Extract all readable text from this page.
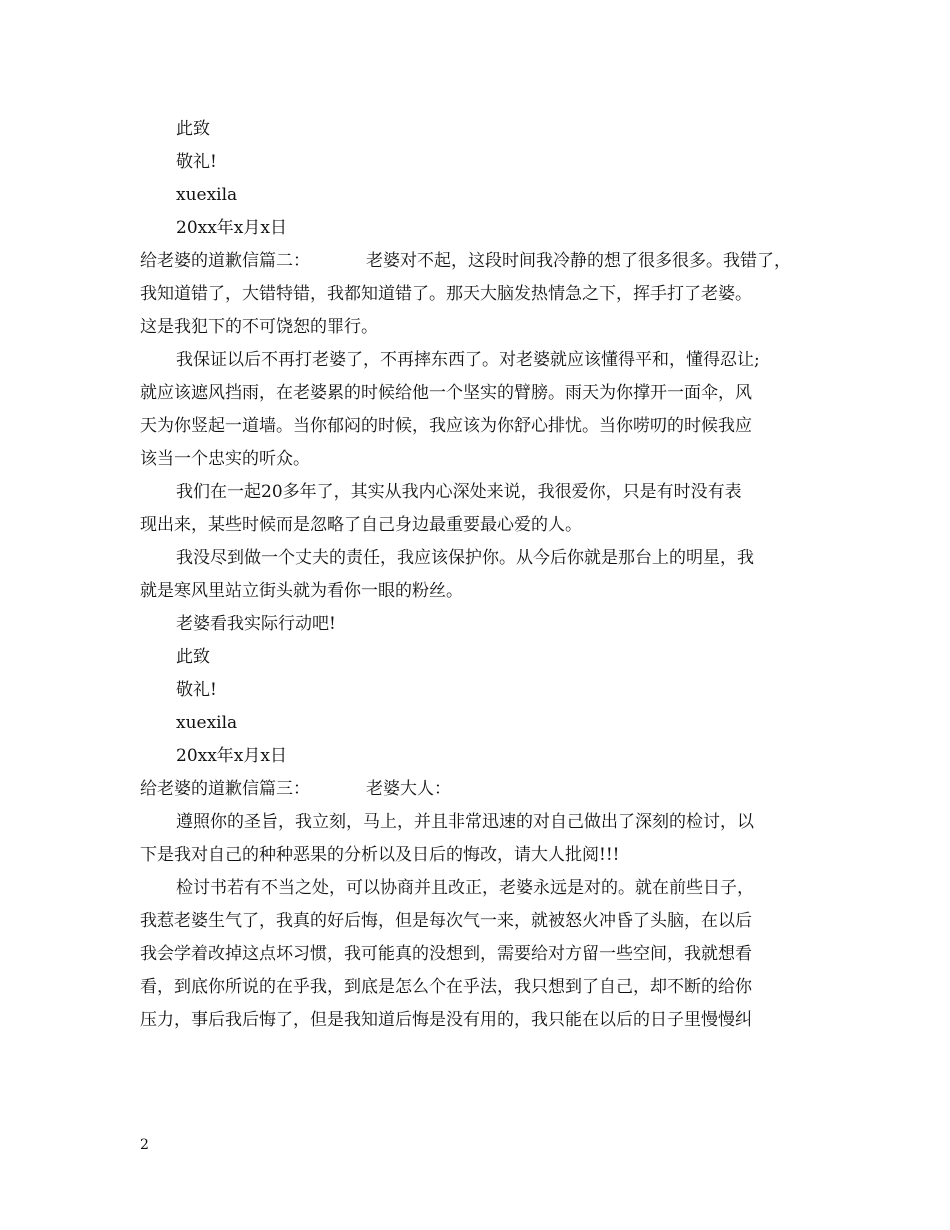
此致
敬礼!
xuexila
20xx年x月x日
给老婆的道歉信篇二：	老婆对不起，这段时间我冷静的想了很多很多。我错了，
我知道错了，大错特错，我都知道错了。那天大脑发热情急之下，挥手打了老婆。
这是我犯下的不可饶恕的罪行。
我保证以后不再打老婆了，不再摔东西了。对老婆就应该懂得平和，懂得忍让;
就应该遮风挡雨，在老婆累的时候给他一个坚实的臂膀。雨天为你撑开一面伞，风
天为你竖起一道墙。当你郁闷的时候，我应该为你舒心排忧。当你唠叨的时候我应
该当一个忠实的听众。
我们在一起20多年了，其实从我内心深处来说，我很爱你，只是有时没有表
现出来，某些时候而是忽略了自己身边最重要最心爱的人。
我没尽到做一个丈夫的责任，我应该保护你。从今后你就是那台上的明星，我
就是寒风里站立街头就为看你一眼的粉丝。
老婆看我实际行动吧!
此致
敬礼!
xuexila
20xx年x月x日
给老婆的道歉信篇三：	老婆大人：
遵照你的圣旨，我立刻，马上，并且非常迅速的对自己做出了深刻的检讨，以
下是我对自己的种种恶果的分析以及日后的悔改，请大人批阅!!!
检讨书若有不当之处，可以协商并且改正，老婆永远是对的。就在前些日子，
我惹老婆生气了，我真的好后悔，但是每次气一来，就被怒火冲昏了头脑，在以后
我会学着改掉这点坏习惯，我可能真的没想到，需要给对方留一些空间，我就想看
看，到底你所说的在乎我，到底是怎么个在乎法，我只想到了自己，却不断的给你
压力，事后我后悔了，但是我知道后悔是没有用的，我只能在以后的日子里慢慢纠
2
